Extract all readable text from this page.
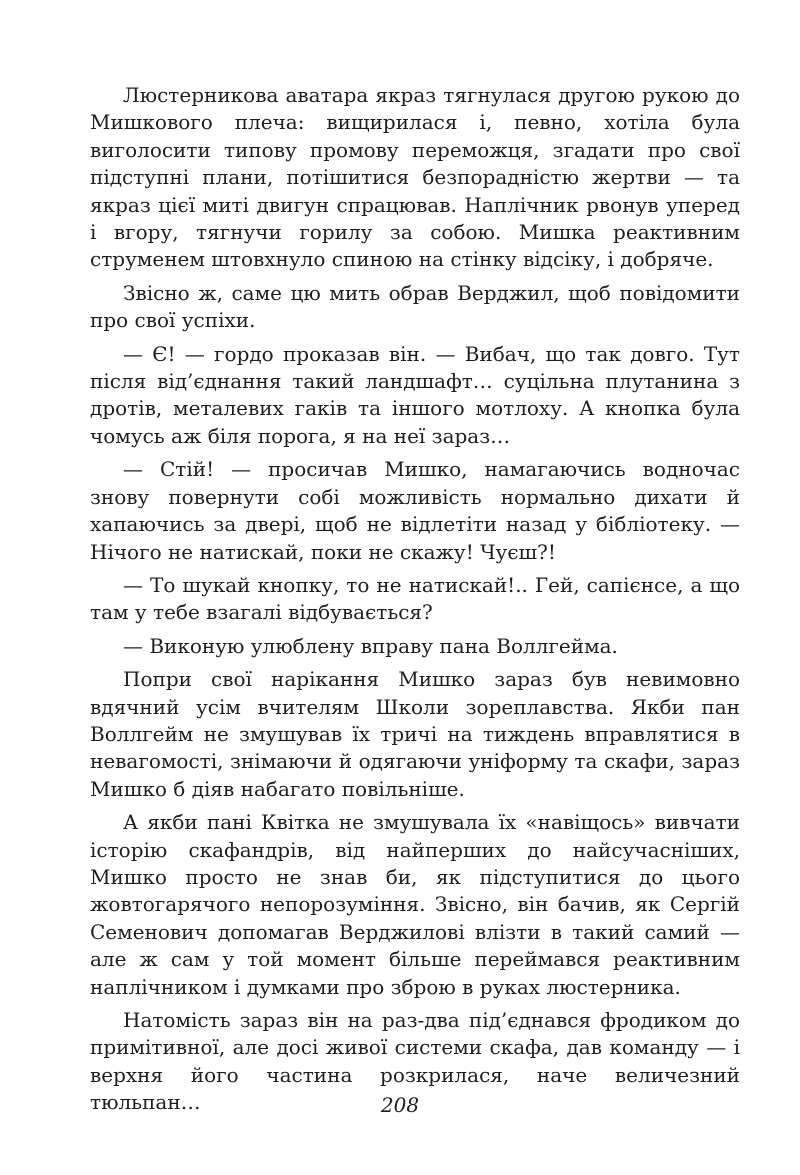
Люстерникова аватара якраз тягнулася другою рукою до Мишкового плеча: вищирилася і, певно, хотіла була виголосити типову промову переможця, згадати про свої підступні плани, потішитися безпорадністю жертви — та якраз цієї миті двигун спрацював. Наплічник рвонув уперед і вгору, тягнучи горилу за собою. Мишка реактивним струменем штовхнуло спиною на стінку відсіку, і добряче.

Звісно ж, саме цю мить обрав Верджил, щоб повідомити про свої успіхи.

— Є! — гордо проказав він. — Вибач, що так довго. Тут після від’єднання такий ландшафт… суцільна плутанина з дротів, металевих гаків та іншого мотлоху. А кнопка була чомусь аж біля порога, я на неї зараз…

— Стій! — просичав Мишко, намагаючись водночас знову повернути собі можливість нормально дихати й хапаючись за двері, щоб не відлетіти назад у бібліотеку. — Нічого не натискай, поки не скажу! Чуєш?!

— То шукай кнопку, то не натискай!.. Гей, сапієнсе, а що там у тебе взагалі відбувається?

— Виконую улюблену вправу пана Воллгейма.

Попри свої нарікання Мишко зараз був невимовно вдячний усім вчителям Школи зореплавства. Якби пан Воллгейм не змушував їх тричі на тиждень вправлятися в невагомості, знімаючи й одягаючи уніформу та скафи, зараз Мишко б діяв набагато повільніше.

А якби пані Квітка не змушувала їх «навіщось» вивчати історію скафандрів, від найперших до найсучасніших, Мишко просто не знав би, як підступитися до цього жовтогарячого непорозуміння. Звісно, він бачив, як Сергій Семенович допомагав Верджилові влізти в такий самий — але ж сам у той момент більше переймався реактивним наплічником і думками про зброю в руках люстерника.

Натомість зараз він на раз-два під’єднався фродиком до примітивної, але досі живої системи скафа, дав команду — і верхня його частина розкрилася, наче величезний тюльпан…	208
